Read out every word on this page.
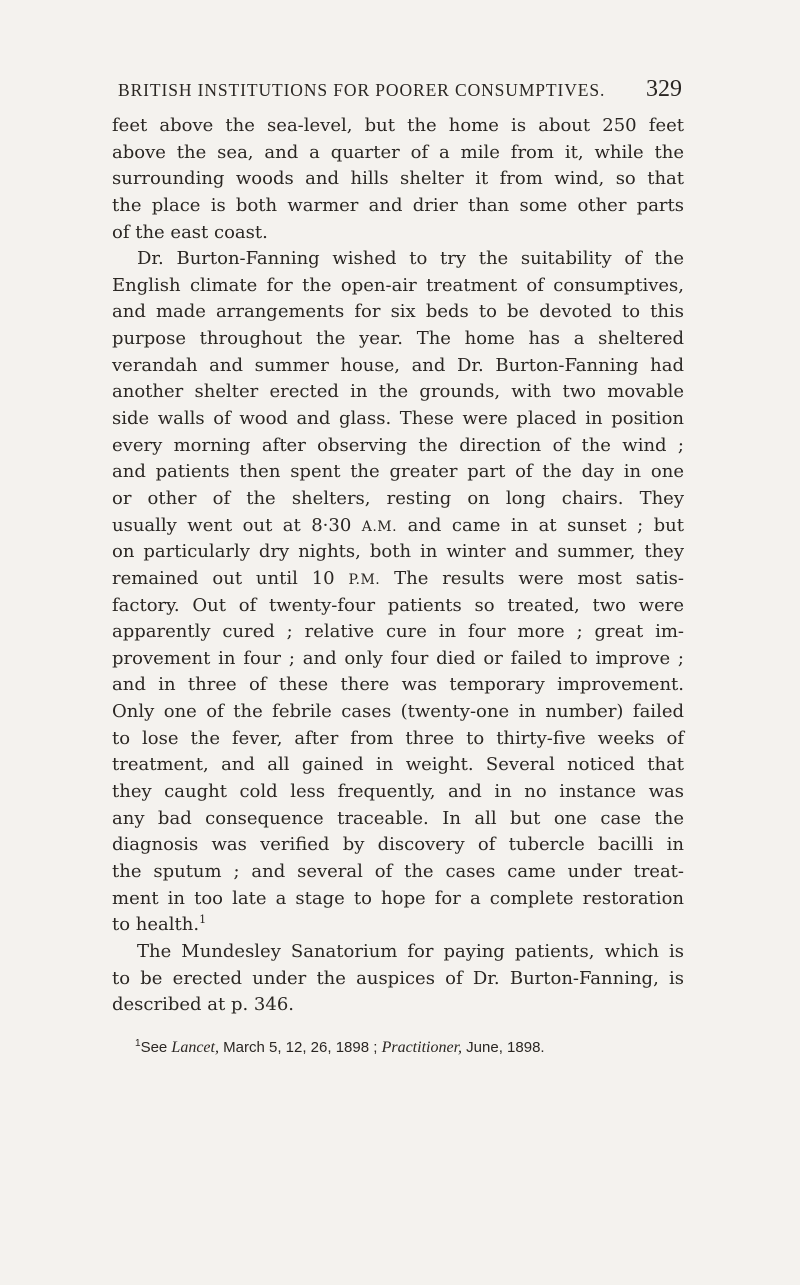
BRITISH INSTITUTIONS FOR POORER CONSUMPTIVES. 329
feet above the sea-level, but the home is about 250 feet
above the sea, and a quarter of a mile from it, while the
surrounding woods and hills shelter it from wind, so that
the place is both warmer and drier than some other parts
of the east coast.
Dr. Burton-Fanning wished to try the suitability of the
English climate for the open-air treatment of consumptives,
and made arrangements for six beds to be devoted to this
purpose throughout the year. The home has a sheltered
verandah and summer house, and Dr. Burton-Fanning had
another shelter erected in the grounds, with two movable
side walls of wood and glass. These were placed in position
every morning after observing the direction of the wind ;
and patients then spent the greater part of the day in one
or other of the shelters, resting on long chairs. They
usually went out at 8·30 A.M. and came in at sunset ; but
on particularly dry nights, both in winter and summer, they
remained out until 10 P.M. The results were most satis-
factory. Out of twenty-four patients so treated, two were
apparently cured ; relative cure in four more ; great im-
provement in four ; and only four died or failed to improve ;
and in three of these there was temporary improvement.
Only one of the febrile cases (twenty-one in number) failed
to lose the fever, after from three to thirty-five weeks of
treatment, and all gained in weight. Several noticed that
they caught cold less frequently, and in no instance was
any bad consequence traceable. In all but one case the
diagnosis was verified by discovery of tubercle bacilli in
the sputum ; and several of the cases came under treat-
ment in too late a stage to hope for a complete restoration
to health.$^1$
The Mundesley Sanatorium for paying patients, which is
to be erected under the auspices of Dr. Burton-Fanning, is
described at p. 346.
$^1$See Lancet, March 5, 12, 26, 1898 ; Practitioner, June, 1898.
